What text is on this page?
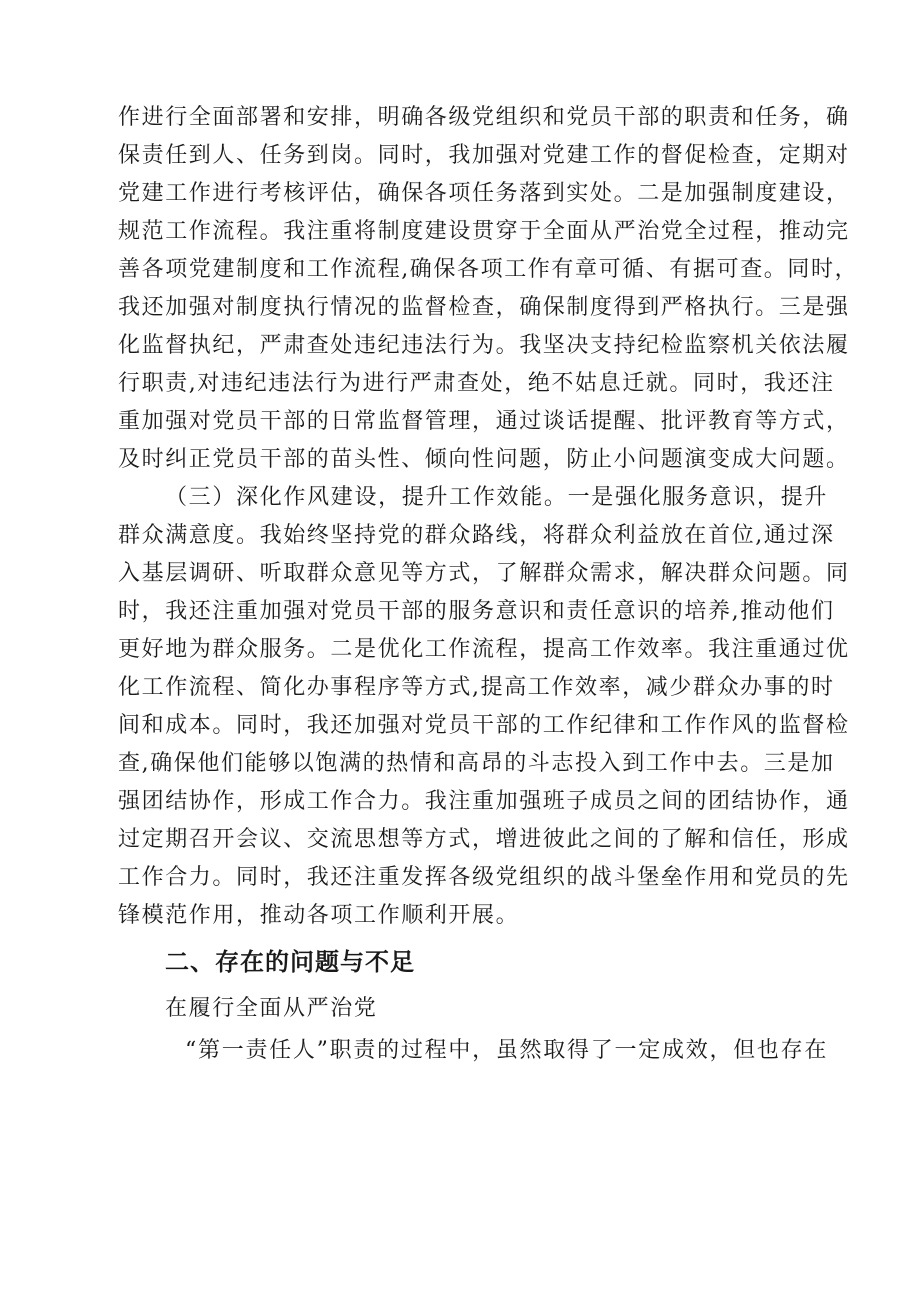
作进行全面部署和安排，明确各级党组织和党员干部的职责和任务，确
保责任到人、任务到岗。同时，我加强对党建工作的督促检查，定期对
党建工作进行考核评估，确保各项任务落到实处。二是加强制度建设，
规范工作流程。我注重将制度建设贯穿于全面从严治党全过程，推动完
善各项党建制度和工作流程,确保各项工作有章可循、有据可查。同时，
我还加强对制度执行情况的监督检查，确保制度得到严格执行。三是强
化监督执纪，严肃查处违纪违法行为。我坚决支持纪检监察机关依法履
行职责,对违纪违法行为进行严肃查处，绝不姑息迁就。同时，我还注
重加强对党员干部的日常监督管理，通过谈话提醒、批评教育等方式，
及时纠正党员干部的苗头性、倾向性问题，防止小问题演变成大问题。
（三）深化作风建设，提升工作效能。一是强化服务意识，提升
群众满意度。我始终坚持党的群众路线，将群众利益放在首位,通过深
入基层调研、听取群众意见等方式，了解群众需求，解决群众问题。同
时，我还注重加强对党员干部的服务意识和责任意识的培养,推动他们
更好地为群众服务。二是优化工作流程，提高工作效率。我注重通过优
化工作流程、简化办事程序等方式,提高工作效率，减少群众办事的时
间和成本。同时，我还加强对党员干部的工作纪律和工作作风的监督检
查,确保他们能够以饱满的热情和高昂的斗志投入到工作中去。三是加
强团结协作，形成工作合力。我注重加强班子成员之间的团结协作，通
过定期召开会议、交流思想等方式，增进彼此之间的了解和信任，形成
工作合力。同时，我还注重发挥各级党组织的战斗堡垒作用和党员的先
锋模范作用，推动各项工作顺利开展。
二、存在的问题与不足
在履行全面从严治党
“第一责任人”职责的过程中，虽然取得了一定成效，但也存在
